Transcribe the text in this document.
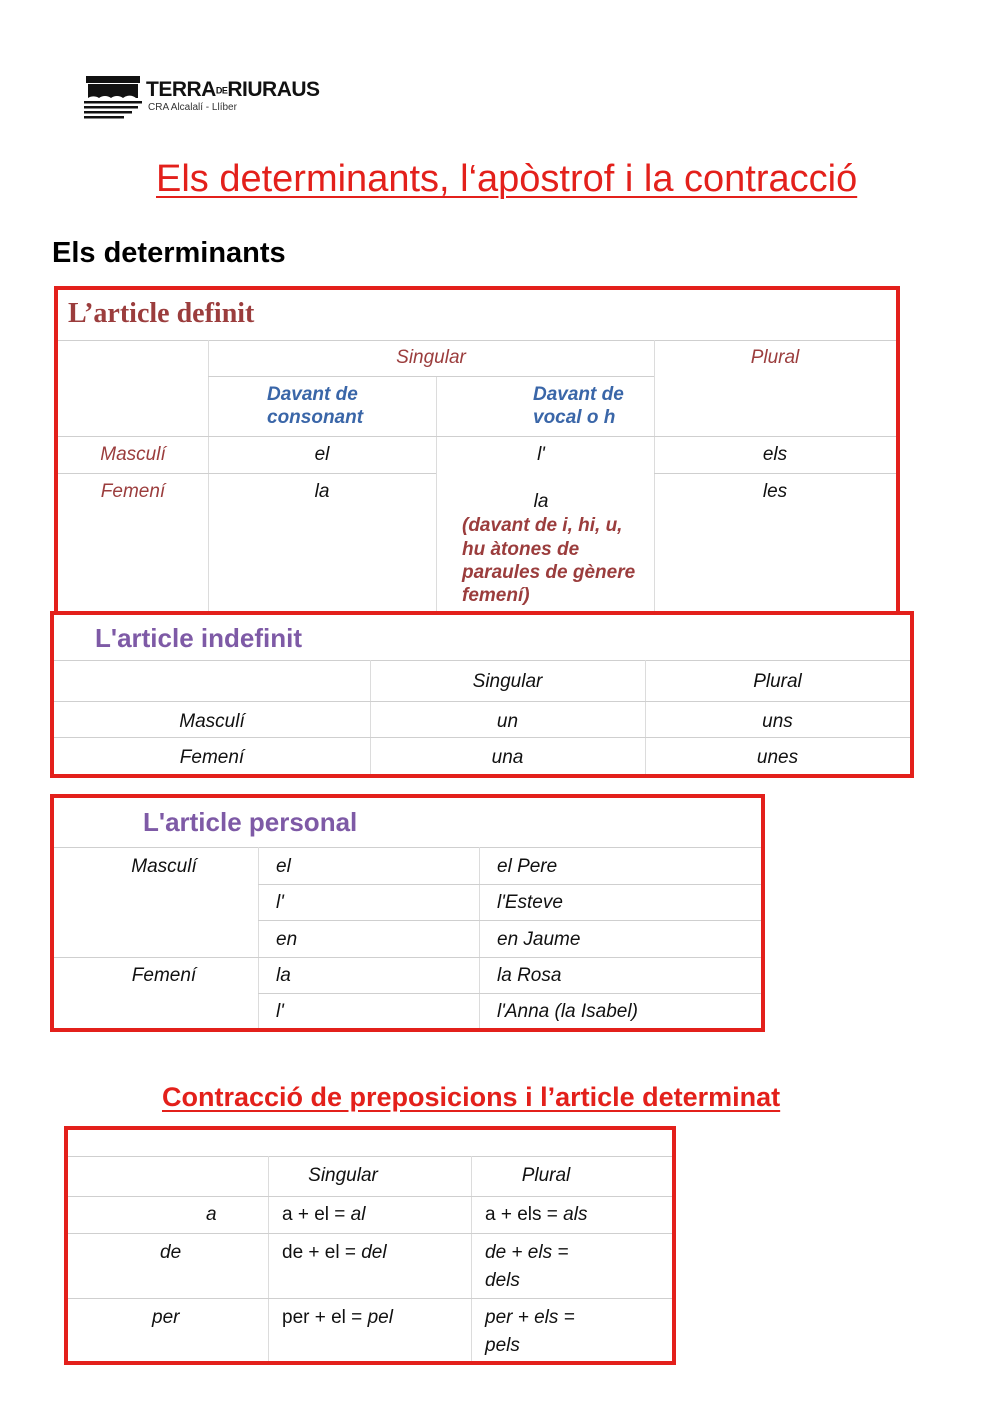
TERRADERIURAUS
CRA Alcalalí - Llíber
Els determinants, l‘apòstrof i la contracció
Els determinants
L’article definit
Singular	Plural
Davant de
consonant
Davant de
vocal o h
Masculí	el	l'	els
Femení	la	la	les
(davant de i, hi, u,
hu àtones de
paraules de gènere
femení)
L'article indefinit
Singular	Plural
Masculí	un	uns
Femení	una	unes
L'article personal
Masculí	el	el Pere
l'	l'Esteve
en	en Jaume
Femení	la	la Rosa
l'	l'Anna (la Isabel)
Contracció de preposicions i l’article determinat
Singular	Plural
a	a + el = al	a + els = als
de	de + el = del	de + els =
dels
per	per + el = pel	per + els =
pels
